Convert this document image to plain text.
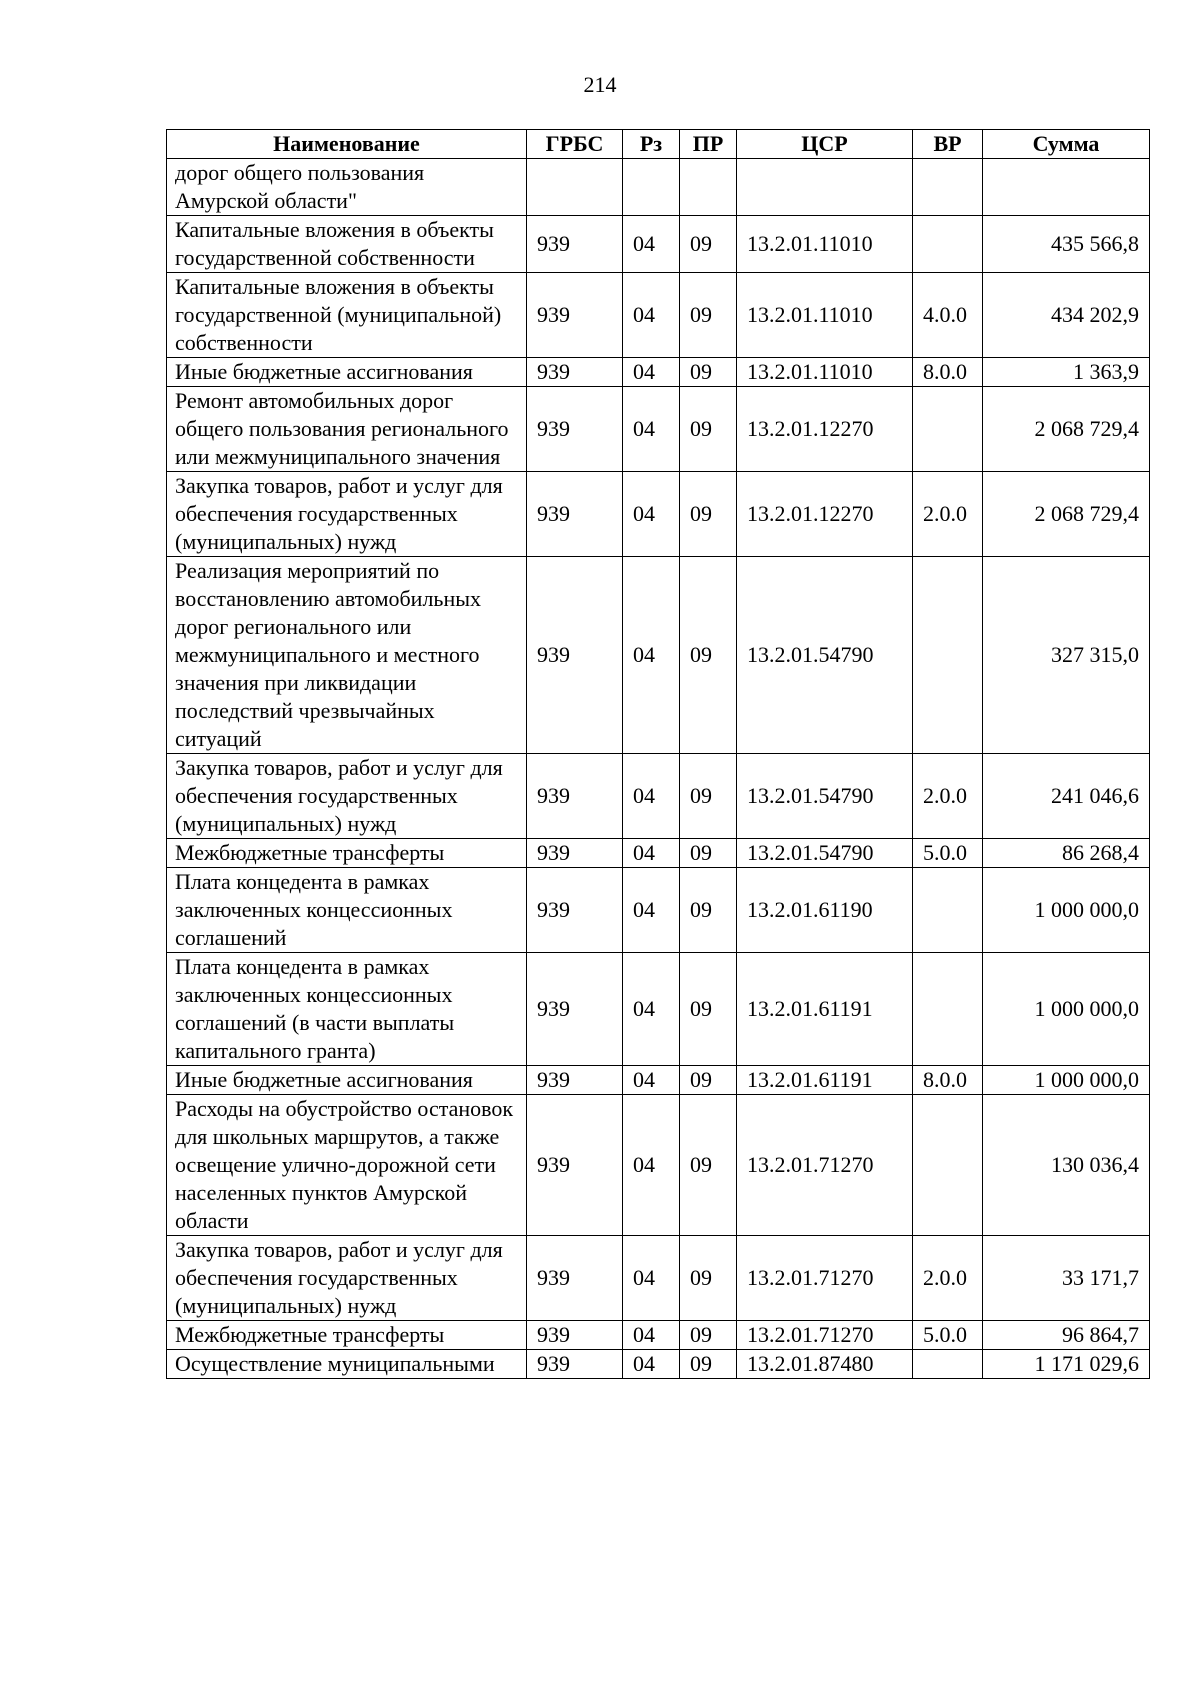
214
Наименование	ГРБС	Рз	ПР	ЦСР	ВР	Сумма
дорог общего пользования Амурской области"						
Капитальные вложения в объекты государственной собственности	939	04	09	13.2.01.11010		435 566,8
Капитальные вложения в объекты государственной (муниципальной) собственности	939	04	09	13.2.01.11010	4.0.0	434 202,9
Иные бюджетные ассигнования	939	04	09	13.2.01.11010	8.0.0	1 363,9
Ремонт автомобильных дорог общего пользования регионального или межмуниципального значения	939	04	09	13.2.01.12270		2 068 729,4
Закупка товаров, работ и услуг для обеспечения государственных (муниципальных) нужд	939	04	09	13.2.01.12270	2.0.0	2 068 729,4
Реализация мероприятий по восстановлению автомобильных дорог регионального или межмуниципального и местного значения при ликвидации последствий чрезвычайных ситуаций	939	04	09	13.2.01.54790		327 315,0
Закупка товаров, работ и услуг для обеспечения государственных (муниципальных) нужд	939	04	09	13.2.01.54790	2.0.0	241 046,6
Межбюджетные трансферты	939	04	09	13.2.01.54790	5.0.0	86 268,4
Плата концедента в рамках заключенных концессионных соглашений	939	04	09	13.2.01.61190		1 000 000,0
Плата концедента в рамках заключенных концессионных соглашений (в части выплаты капитального гранта)	939	04	09	13.2.01.61191		1 000 000,0
Иные бюджетные ассигнования	939	04	09	13.2.01.61191	8.0.0	1 000 000,0
Расходы на обустройство остановок для школьных маршрутов, а также освещение улично-дорожной сети населенных пунктов Амурской области	939	04	09	13.2.01.71270		130 036,4
Закупка товаров, работ и услуг для обеспечения государственных (муниципальных) нужд	939	04	09	13.2.01.71270	2.0.0	33 171,7
Межбюджетные трансферты	939	04	09	13.2.01.71270	5.0.0	96 864,7
Осуществление муниципальными	939	04	09	13.2.01.87480		1 171 029,6
